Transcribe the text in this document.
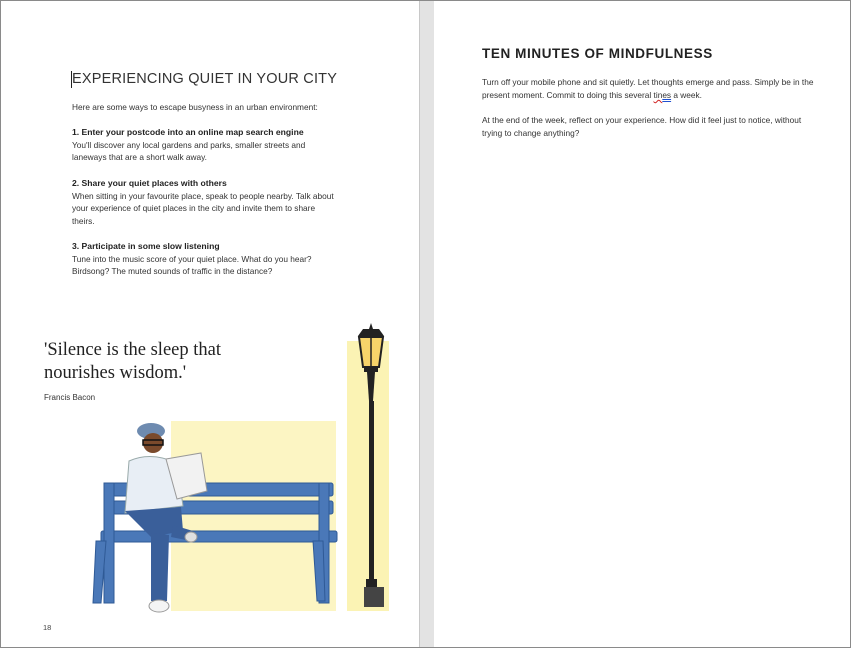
EXPERIENCING QUIET IN YOUR CITY
Here are some ways to escape busyness in an urban environment:
1. Enter your postcode into an online map search engine
You'll discover any local gardens and parks, smaller streets and laneways that are a short walk away.
2. Share your quiet places with others
When sitting in your favourite place, speak to people nearby. Talk about your experience of quiet places in the city and invite them to share theirs.
3. Participate in some slow listening
Tune into the music score of your quiet place. What do you hear? Birdsong? The muted sounds of traffic in the distance?
'Silence is the sleep that
nourishes wisdom.'
Francis Bacon
18
TEN MINUTES OF MINDFULNESS
Turn off your mobile phone and sit quietly. Let thoughts emerge and pass. Simply be in the present moment. Commit to doing this several tines a week.
At the end of the week, reflect on your experience. How did it feel just to notice, without trying to change anything?
